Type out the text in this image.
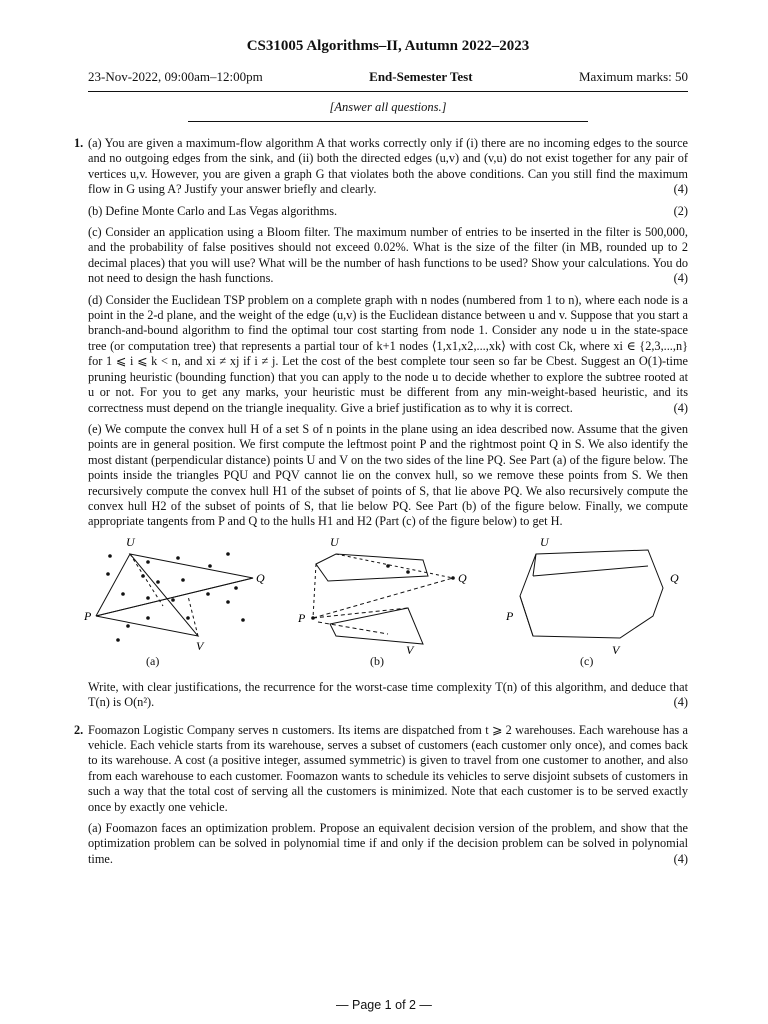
CS31005 Algorithms–II, Autumn 2022–2023
23-Nov-2022, 09:00am–12:00pm	End-Semester Test	Maximum marks: 50
[Answer all questions.]
1. (a) You are given a maximum-flow algorithm A that works correctly only if (i) there are no incoming edges to the source and no outgoing edges from the sink, and (ii) both the directed edges (u,v) and (v,u) do not exist together for any pair of vertices u,v. However, you are given a graph G that violates both the above conditions. Can you still find the maximum flow in G using A? Justify your answer briefly and clearly.	(4)
(b) Define Monte Carlo and Las Vegas algorithms.	(2)
(c) Consider an application using a Bloom filter. The maximum number of entries to be inserted in the filter is 500,000, and the probability of false positives should not exceed 0.02%. What is the size of the filter (in MB, rounded up to 2 decimal places) that you will use? What will be the number of hash functions to be used? Show your calculations. You do not need to design the hash functions.	(4)
(d) Consider the Euclidean TSP problem on a complete graph with n nodes (numbered from 1 to n), where each node is a point in the 2-d plane, and the weight of the edge (u,v) is the Euclidean distance between u and v. Suppose that you start a branch-and-bound algorithm to find the optimal tour cost starting from node 1. Consider any node u in the state-space tree (or computation tree) that represents a partial tour of k+1 nodes ⟨1,x1,x2,...,xk⟩ with cost Ck, where xi ∈ {2,3,...,n} for 1 ⩽ i ⩽ k < n, and xi ≠ xj if i ≠ j. Let the cost of the best complete tour seen so far be Cbest. Suggest an O(1)-time pruning heuristic (bounding function) that you can apply to the node u to decide whether to explore the subtree rooted at u or not. For you to get any marks, your heuristic must be different from any min-weight-based heuristic, and its correctness must depend on the triangle inequality. Give a brief justification as to why it is correct.	(4)
(e) We compute the convex hull H of a set S of n points in the plane using an idea described now. Assume that the given points are in general position. We first compute the leftmost point P and the rightmost point Q in S. We also identify the most distant (perpendicular distance) points U and V on the two sides of the line PQ. See Part (a) of the figure below. The points inside the triangles PQU and PQV cannot lie on the convex hull, so we remove these points from S. We then recursively compute the convex hull H1 of the subset of points of S, that lie above PQ. We also recursively compute the convex hull H2 of the subset of points of S, that lie below PQ. See Part (b) of the figure below. Finally, we compute appropriate tangents from P and Q to the hulls H1 and H2 (Part (c) of the figure below) to get H.
U
Q
P
V
U
Q
P
V
U
Q
P
V
(a)	(b)	(c)
Write, with clear justifications, the recurrence for the worst-case time complexity T(n) of this algorithm, and deduce that T(n) is O(n²).	(4)
2. Foomazon Logistic Company serves n customers. Its items are dispatched from t ⩾ 2 warehouses. Each warehouse has a vehicle. Each vehicle starts from its warehouse, serves a subset of customers (each customer only once), and comes back to its warehouse. A cost (a positive integer, assumed symmetric) is given to travel from one customer to another, and also from each warehouse to each customer. Foomazon wants to schedule its vehicles to serve disjoint subsets of customers in such a way that the total cost of serving all the customers is minimized. Note that each customer is to be served exactly once by exactly one vehicle.
(a) Foomazon faces an optimization problem. Propose an equivalent decision version of the problem, and show that the optimization problem can be solved in polynomial time if and only if the decision problem can be solved in polynomial time.	(4)
— Page 1 of 2 —
